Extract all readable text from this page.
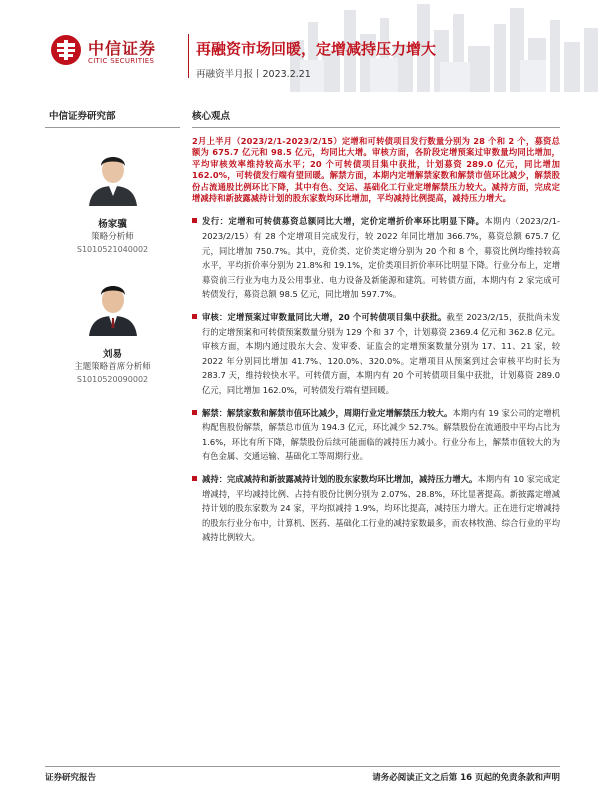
中信证券
CITIC SECURITIES
再融资市场回暖，定增减持压力增大
再融资半月报丨2023.2.21
中信证券研究部
杨家骥
策略分析师
S1010521040002
刘易
主题策略首席分析师
S1010520090002
核心观点
2月上半月（2023/2/1-2023/2/15）定增和可转债项目发行数量分别为 28 个和 2 个，募资总额为 675.7 亿元和 98.5 亿元，均同比大增。审核方面，各阶段定增预案过审数量均同比增加，平均审核效率维持较高水平；20 个可转债项目集中获批，计划募资 289.0 亿元，同比增加 162.0%，可转债发行端有望回暖。解禁方面，本期内定增解禁家数和解禁市值环比减少，解禁股份占流通股比例环比下降，其中有色、交运、基础化工行业定增解禁压力较大。减持方面，完成定增减持和新披露减持计划的股东家数均环比增加，平均减持比例提高，减持压力增大。
发行：定增和可转债募资总额同比大增，定价定增折价率环比明显下降。本期内（2023/2/1-2023/2/15）有 28 个定增项目完成发行，较 2022 年同比增加 366.7%，募资总额 675.7 亿元，同比增加 750.7%。其中，竞价类、定价类定增分别为 20 个和 8 个，募资比例均维持较高水平，平均折价率分别为 21.8%和 19.1%，定价类项目折价率环比明显下降。行业分布上，定增募资前三行业为电力及公用事业、电力设备及新能源和建筑。可转债方面，本期内有 2 家完成可转债发行，募资总额 98.5 亿元，同比增加 597.7%。
审核：定增预案过审数量同比大增，20 个可转债项目集中获批。截至 2023/2/15，获批尚未发行的定增预案和可转债预案数量分别为 129 个和 37 个，计划募资 2369.4 亿元和 362.8 亿元。审核方面，本期内通过股东大会、发审委、证监会的定增预案数量分别为 17、11、21 家，较 2022 年分别同比增加 41.7%、120.0%、320.0%。定增项目从预案到过会审核平均时长为 283.7 天，维持较快水平。可转债方面，本期内有 20 个可转债项目集中获批，计划募资 289.0 亿元，同比增加 162.0%，可转债发行端有望回暖。
解禁：解禁家数和解禁市值环比减少，周期行业定增解禁压力较大。本期内有 19 家公司的定增机构配售股份解禁，解禁总市值为 194.3 亿元，环比减少 52.7%。解禁股份在流通股中平均占比为 1.6%，环比有所下降，解禁股份后续可能面临的减持压力减小。行业分布上，解禁市值较大的为有色金属、交通运输、基础化工等周期行业。
减持：完成减持和新披露减持计划的股东家数均环比增加，减持压力增大。本期内有 10 家完成定增减持，平均减持比例、占持有股份比例分别为 2.07%、28.8%，环比显著提高。新披露定增减持计划的股东家数为 24 家，平均拟减持 1.9%，均环比提高，减持压力增大。正在进行定增减持的股东行业分布中，计算机、医药、基础化工行业的减持家数最多，而农林牧渔、综合行业的平均减持比例较大。
证券研究报告	请务必阅读正文之后第 16 页起的免责条款和声明
